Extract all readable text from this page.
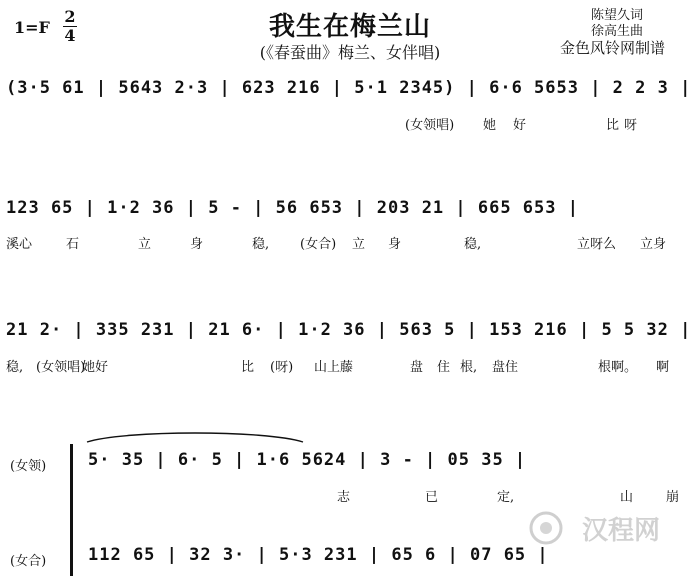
$1=F \frac{2}{4}$	我生在梅兰山
(《春蚕曲》梅兰、女伴唱)
陈望久词
徐高生曲
金色风铃网制谱
(3·5 61 | 5643 2·3 | 623 216 | 5·1 2345) | 6·6 5653 | 2 2 3 |
(女领唱) 她 好	比 呀
123 65 | 1·2 36 | 5 - | 56 653 | 203 21 | 665 653 |
溪心	石	立	身	稳, (女合) 立 身	稳,	立呀么 立身
21 2· | 335 231 | 21 6· | 1·2 36 | 563 5 | 153 216 | 5 5 32 |
稳, (女领唱)
她好	比 (呀) 山上藤	盘 住 根, 盘住	根啊。 啊
(女领) 5· 35 | 6· 5 | 1·6 5624 | 3 - | 05 35 |
志	已	定,	山	崩
(女合) 112 65 | 32 3· | 5·3 231 | 65 6 | 07 65 |
汉程网
